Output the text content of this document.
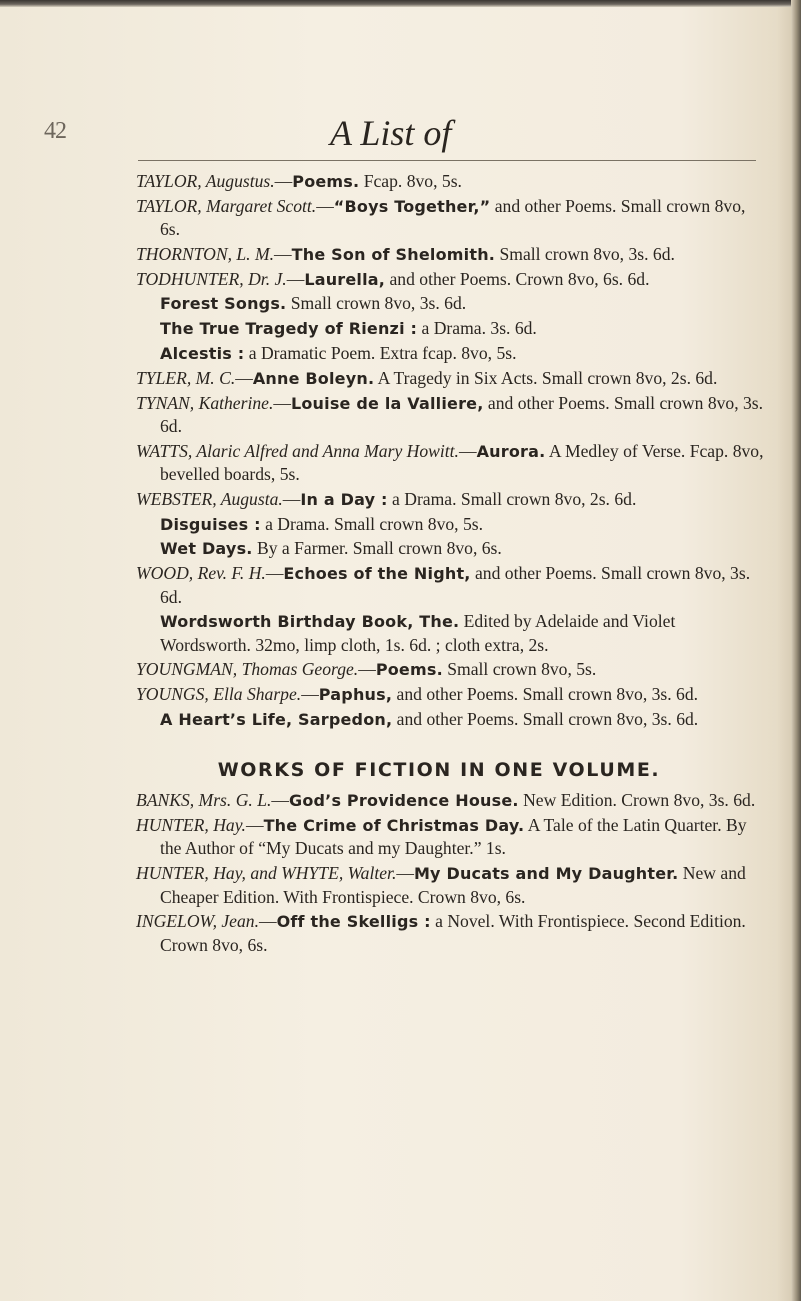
42	A List of
TAYLOR, Augustus.—Poems. Fcap. 8vo, 5s.
TAYLOR, Margaret Scott.—“Boys Together,” and other Poems. Small crown 8vo, 6s.
THORNTON, L. M.—The Son of Shelomith. Small crown 8vo, 3s. 6d.
TODHUNTER, Dr. J.—Laurella, and other Poems. Crown 8vo, 6s. 6d.
Forest Songs. Small crown 8vo, 3s. 6d.
The True Tragedy of Rienzi : a Drama. 3s. 6d.
Alcestis : a Dramatic Poem. Extra fcap. 8vo, 5s.
TYLER, M. C.—Anne Boleyn. A Tragedy in Six Acts. Small crown 8vo, 2s. 6d.
TYNAN, Katherine.—Louise de la Valliere, and other Poems. Small crown 8vo, 3s. 6d.
WATTS, Alaric Alfred and Anna Mary Howitt.—Aurora. A Medley of Verse. Fcap. 8vo, bevelled boards, 5s.
WEBSTER, Augusta.—In a Day : a Drama. Small crown 8vo, 2s. 6d.
Disguises : a Drama. Small crown 8vo, 5s.
Wet Days. By a Farmer. Small crown 8vo, 6s.
WOOD, Rev. F. H.—Echoes of the Night, and other Poems. Small crown 8vo, 3s. 6d.
Wordsworth Birthday Book, The. Edited by Adelaide and Violet Wordsworth. 32mo, limp cloth, 1s. 6d. ; cloth extra, 2s.
YOUNGMAN, Thomas George.—Poems. Small crown 8vo, 5s.
YOUNGS, Ella Sharpe.—Paphus, and other Poems. Small crown 8vo, 3s. 6d.
A Heart’s Life, Sarpedon, and other Poems. Small crown 8vo, 3s. 6d.
WORKS OF FICTION IN ONE VOLUME.
BANKS, Mrs. G. L.—God’s Providence House. New Edition. Crown 8vo, 3s. 6d.
HUNTER, Hay.—The Crime of Christmas Day. A Tale of the Latin Quarter. By the Author of “My Ducats and my Daughter.” 1s.
HUNTER, Hay, and WHYTE, Walter.—My Ducats and My Daughter. New and Cheaper Edition. With Frontispiece. Crown 8vo, 6s.
INGELOW, Jean.—Off the Skelligs : a Novel. With Frontispiece. Second Edition. Crown 8vo, 6s.
